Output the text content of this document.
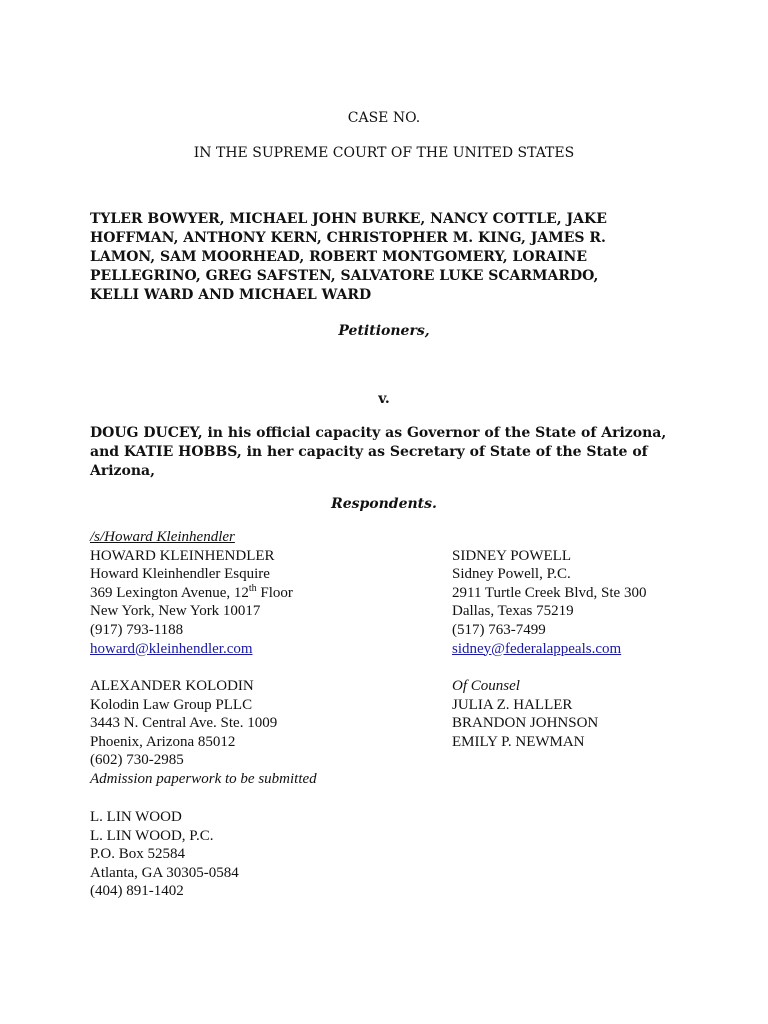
CASE NO.
IN THE SUPREME COURT OF THE UNITED STATES
TYLER BOWYER, MICHAEL JOHN BURKE, NANCY COTTLE, JAKE
HOFFMAN, ANTHONY KERN, CHRISTOPHER M. KING, JAMES R.
LAMON, SAM MOORHEAD, ROBERT MONTGOMERY, LORAINE
PELLEGRINO, GREG SAFSTEN, SALVATORE LUKE SCARMARDO,
KELLI WARD AND MICHAEL WARD
Petitioners,
v.
DOUG DUCEY, in his official capacity as Governor of the State of Arizona,
and KATIE HOBBS, in her capacity as Secretary of State of the State of
Arizona,
Respondents.
/s/Howard Kleinhendler
HOWARD KLEINHENDLER
Howard Kleinhendler Esquire
369 Lexington Avenue, 12th Floor
New York, New York 10017
(917) 793-1188
howard@kleinhendler.com
SIDNEY POWELL
Sidney Powell, P.C.
2911 Turtle Creek Blvd, Ste 300
Dallas, Texas 75219
(517) 763-7499
sidney@federalappeals.com
ALEXANDER KOLODIN
Kolodin Law Group PLLC
3443 N. Central Ave. Ste. 1009
Phoenix, Arizona 85012
(602) 730-2985
Admission paperwork to be submitted
Of Counsel
JULIA Z. HALLER
BRANDON JOHNSON
EMILY P. NEWMAN
L. LIN WOOD
L. LIN WOOD, P.C.
P.O. Box 52584
Atlanta, GA 30305-0584
(404) 891-1402
